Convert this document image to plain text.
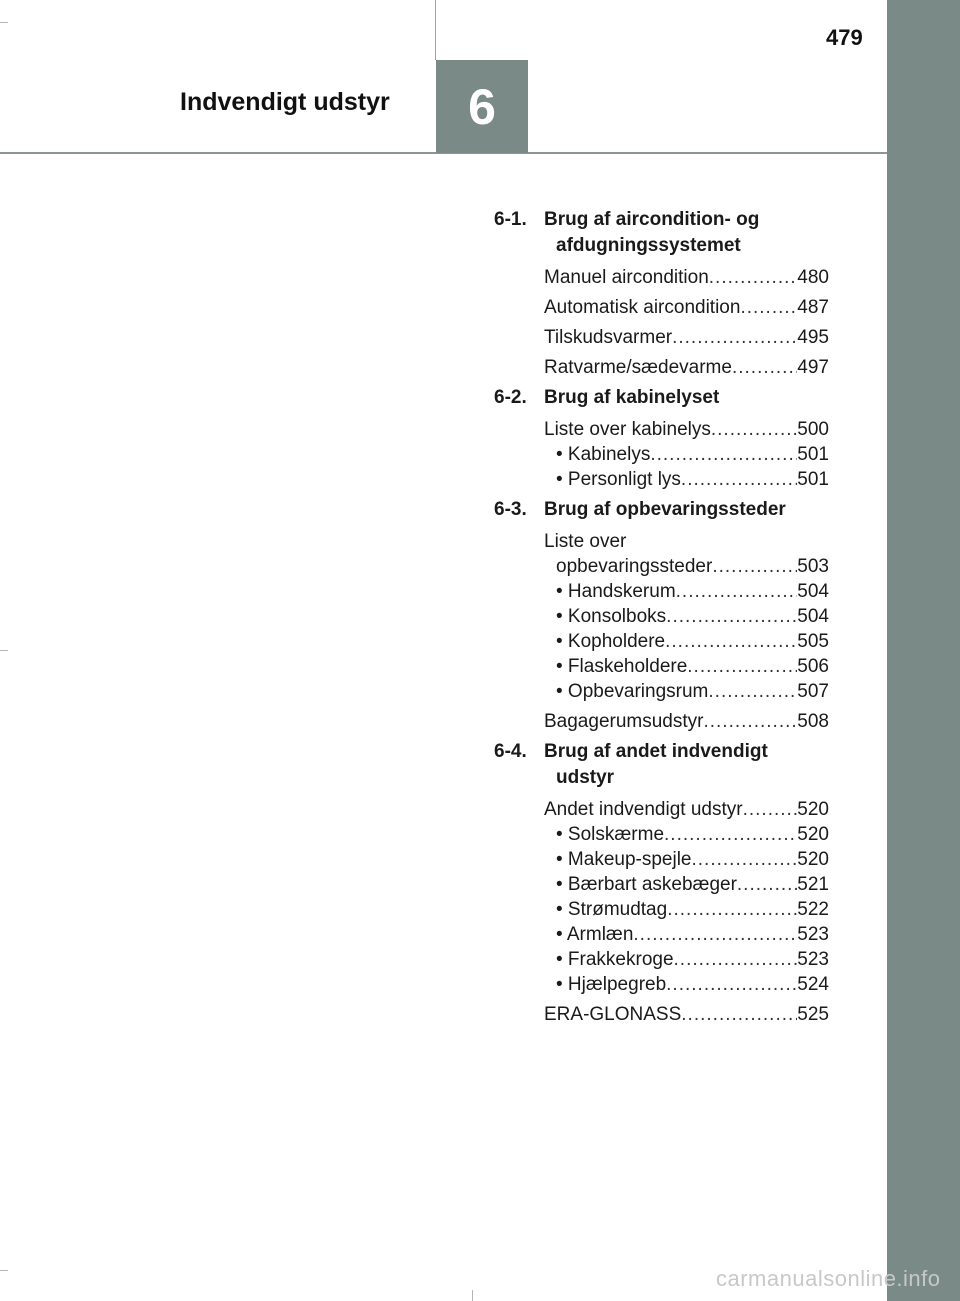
6
Indvendigt udstyr
479
6-1. Brug af aircondition- og afdugningssystemet
Manuel aircondition .....	480
Automatisk aircondition .....	487
Tilskudsvarmer .....	495
Ratvarme/sædevarme .....	497
6-2. Brug af kabinelyset
Liste over kabinelys .....	500
• Kabinelys .....	501
• Personligt lys .....	501
6-3. Brug af opbevaringssteder
Liste over
opbevaringssteder .....	503
• Handskerum .....	504
• Konsolboks .....	504
• Kopholdere .....	505
• Flaskeholdere .....	506
• Opbevaringsrum .....	507
Bagagerumsudstyr .....	508
6-4. Brug af andet indvendigt udstyr
Andet indvendigt udstyr .....	520
• Solskærme .....	520
• Makeup-spejle .....	520
• Bærbart askebæger .....	521
• Strømudtag .....	522
• Armlæn .....	523
• Frakkekroge .....	523
• Hjælpegreb .....	524
ERA-GLONASS .....	525
carmanualsonline.info
